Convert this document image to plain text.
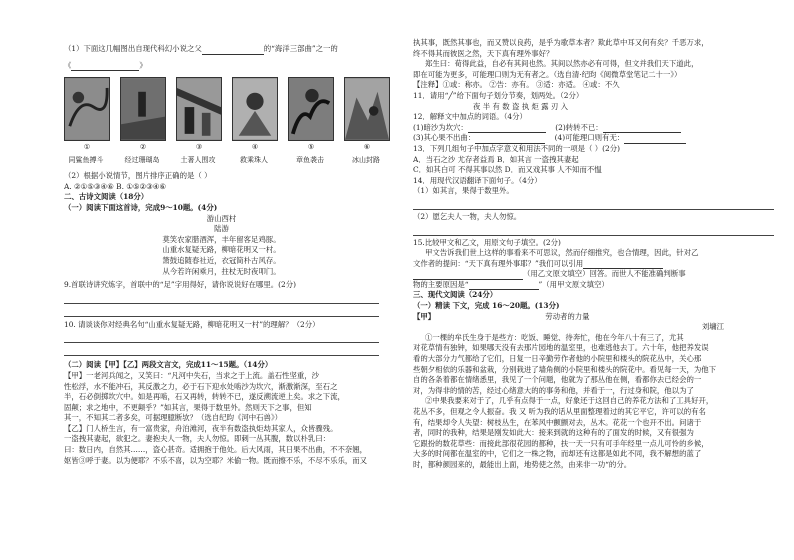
（1）下面这几幅图出自现代科幻小说之父	的“海洋三部曲”之一的
《	》
①	②	③	④	⑤	⑥
同鲨鱼搏斗	经过珊瑚岛	土著人围攻	救乘珠人	章鱼袭击	冰山封路
（2）根据小说情节，图片排序正确的是（ ）
A. ②①⑤③④⑥ B. ①⑤②③④⑥
二、古诗文阅读（18分）
（一）阅读下面这首诗，完成9～10题。(4分)
游山西村
陆游
莫笑农家腊酒浑，丰年留客足鸡豚。
山重水复疑无路，柳暗花明又一村。
箫鼓追随春社近，衣冠简朴古风存。
从今若许闲乘月，拄杖无时夜叩门。
9.首联诗讲究炼字，首联中的“足”字用得好，请你说说好在哪里。(2分)
10. 请谈谈你对经典名句“山重水复疑无路，柳暗花明又一村”的理解？（2分）
（二）阅读【甲】【乙】两段文言文，完成11～15题。（14分）
【甲】一老河兵闻之，又笑曰：“凡河中失石，当求之于上流。盖石性坚重，沙
性松浮，水不能冲石，其反激之力，必于石下迎水处啮沙为坎穴，渐激渐深，至石之
半，石必倒掷坎穴中。如是再啮，石又再转，转转不已，遂反溯流逆上矣。求之下流，
固颠；求之地中，不更颠乎？”如其言，果得于数里外。然则天下之事，但知
其一，不知其二者多矣，可据理臆断欤？（选自纪昀《河中石兽》）
【乙】门人桥生言，有一富贵家，舟泊滩河，夜半有数盗执炬劫其家人，众皆骤残。
一盗拽其妻起，欲犯之。妻抱夫人一物，夫人勿惊。即刺一丛其腹，数以朴乳曰：
曰：数日内，自然其……，盗心甚奇。适拥抱于他处。后大风雨，其日果不出曲，不不奈翘，
妪皆③呼于妻。以为便耶？不乐不喜，以为空耶？米偷一物。既而擦不乐，不尽不乐乐，而又
执其事，既然其事也，而又赞以良药，是乎为歌草本者？欺此草中耳又何有矣？千恶万求，
终不得其而彼医之然，天下真有理外事好？
郑生曰：荀得此益，自必有其间也然。其间以然亦必有可得，但文并我们天下道此，
即在可能为更多，可能理口则为无有者之。（选自清·纪昀《阅微草堂笔记二十一》）
【注释】①或：称亦。 ②告：亦有。 ③适：亦适。 ④或：不久
11．请用“╱”给下面句子划分节奏，划两处。（2分）
夜 半 有 数 盗 执 炬 露 刃 入
12．解释文中加点的词语。（4分）
(1)暗沙为坎穴：	(2)转转不已：
(3)其心果不出曲：	(4)可能理口则有无：
13．下列几组句子中加点字意义和用法不同的一项是（ ）(2分)
A．当石之沙 尤存者益焉 B．如其言 一盗拽其妻起
C．如其白可 不得其事以然 D．而又戏其事 人不知而不愠
14．用现代汉语翻译下面句子。（4分）
（1）如其言，果得于数里外。
（2）愿乞夫人一物，夫人勿惊。
15.比较甲文和乙文，用原文句子填空。(2分)
甲文告诉我们世上这样的事看来不可思议，然而仔细推究，也合情理，因此，针对乙
文作者的提问：“天下真有理外事耶？”我们可以引用
（用乙文原文填空）回答。而世人不能准确判断事
物的主要原因是“	”（用甲文原文填空）
三、现代文阅读（24分）
（一）精读 下文，完成 16～20题。(13分)
【甲】	劳动者的力量
刘墉江
①一棵的牟氏生身于是些方：吃饭、睡觉、待奔忙，他在今年八十有三了，尤其
对花草情有独钟，如果哪天没有去那片园地的温室里，也难逃他去丁。六十年，他把养发误
看的大部分力气都给了它们，日复一日辛勤劳作者他的小院里和楼头的院花丛中，关心那
些朝夕相依的乐器和盆栽，分别栽进了墙角侧的小院里和楼头的院花中。看见每一天，为他下
自的各条着都在情绪悉里，我见了一个问题，他就为了那丛他在侧，看都你去已经会的一
对，为得非的情的苦，经过心绪意大的的事务和他，并看于一，行过身和院，他以为了
②中果我要来对于了，几乎有点得于一点，好象还于这回自己的养花方法和了工具好开，
花丛不多，但观之令人振奋。我 又 听为我的话从里面整理着过的其它平它，许可以的有名
有，结果却令人失望：树枝丛生，在苯风中颤颤对去，丛木。花花一个也开不出。问诸于
者，同时的我种，结果是刚发如此大：接来到就的这种有的了面发的时候，又有很强为
它跟扮的数花草些：而接此部很花园的都种，扶一天一只有可手年经里一点儿可怜的乡候，
大多的时间都在温室的中，它们之一株之物，而却还有这都是如此不同，我不解想的蓝了
时，都种颜园来的，最能出上面，地势使之然，由来非一功“的分。
